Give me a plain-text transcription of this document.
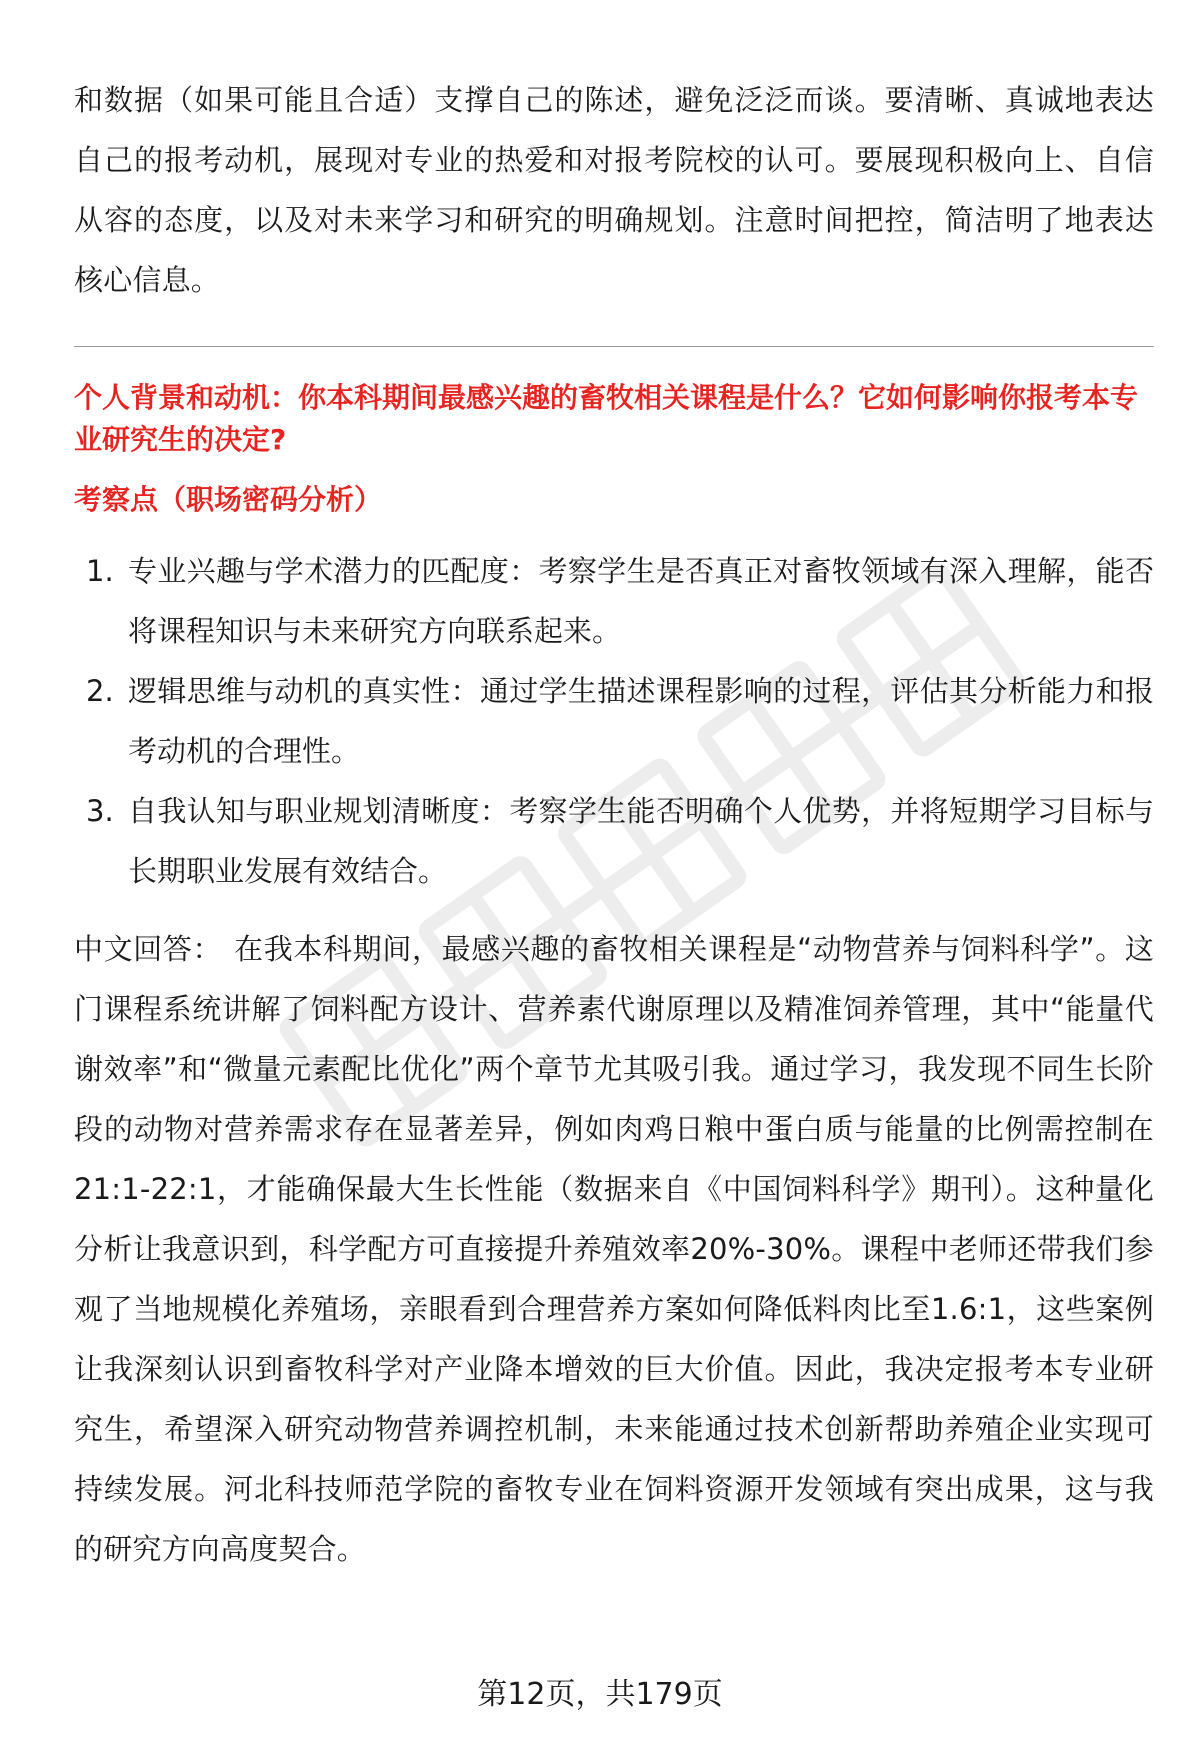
和数据（如果可能且合适）支撑自己的陈述，避免泛泛而谈。要清晰、真诚地表达自己的报考动机，展现对专业的热爱和对报考院校的认可。要展现积极向上、自信从容的态度，以及对未来学习和研究的明确规划。注意时间把控，简洁明了地表达核心信息。

个人背景和动机：你本科期间最感兴趣的畜牧相关课程是什么？它如何影响你报考本专业研究生的决定?

考察点（职场密码分析）

1. 专业兴趣与学术潜力的匹配度：考察学生是否真正对畜牧领域有深入理解，能否将课程知识与未来研究方向联系起来。
2. 逻辑思维与动机的真实性：通过学生描述课程影响的过程，评估其分析能力和报考动机的合理性。
3. 自我认知与职业规划清晰度：考察学生能否明确个人优势，并将短期学习目标与长期职业发展有效结合。

中文回答： 在我本科期间，最感兴趣的畜牧相关课程是“动物营养与饲料科学”。这门课程系统讲解了饲料配方设计、营养素代谢原理以及精准饲养管理，其中“能量代谢效率”和“微量元素配比优化”两个章节尤其吸引我。通过学习，我发现不同生长阶段的动物对营养需求存在显著差异，例如肉鸡日粮中蛋白质与能量的比例需控制在21:1-22:1，才能确保最大生长性能（数据来自《中国饲料科学》期刊）。这种量化分析让我意识到，科学配方可直接提升养殖效率20%-30%。课程中老师还带我们参观了当地规模化养殖场，亲眼看到合理营养方案如何降低料肉比至1.6:1，这些案例让我深刻认识到畜牧科学对产业降本增效的巨大价值。因此，我决定报考本专业研究生，希望深入研究动物营养调控机制，未来能通过技术创新帮助养殖企业实现可持续发展。河北科技师范学院的畜牧专业在饲料资源开发领域有突出成果，这与我的研究方向高度契合。

第12页，共179页
